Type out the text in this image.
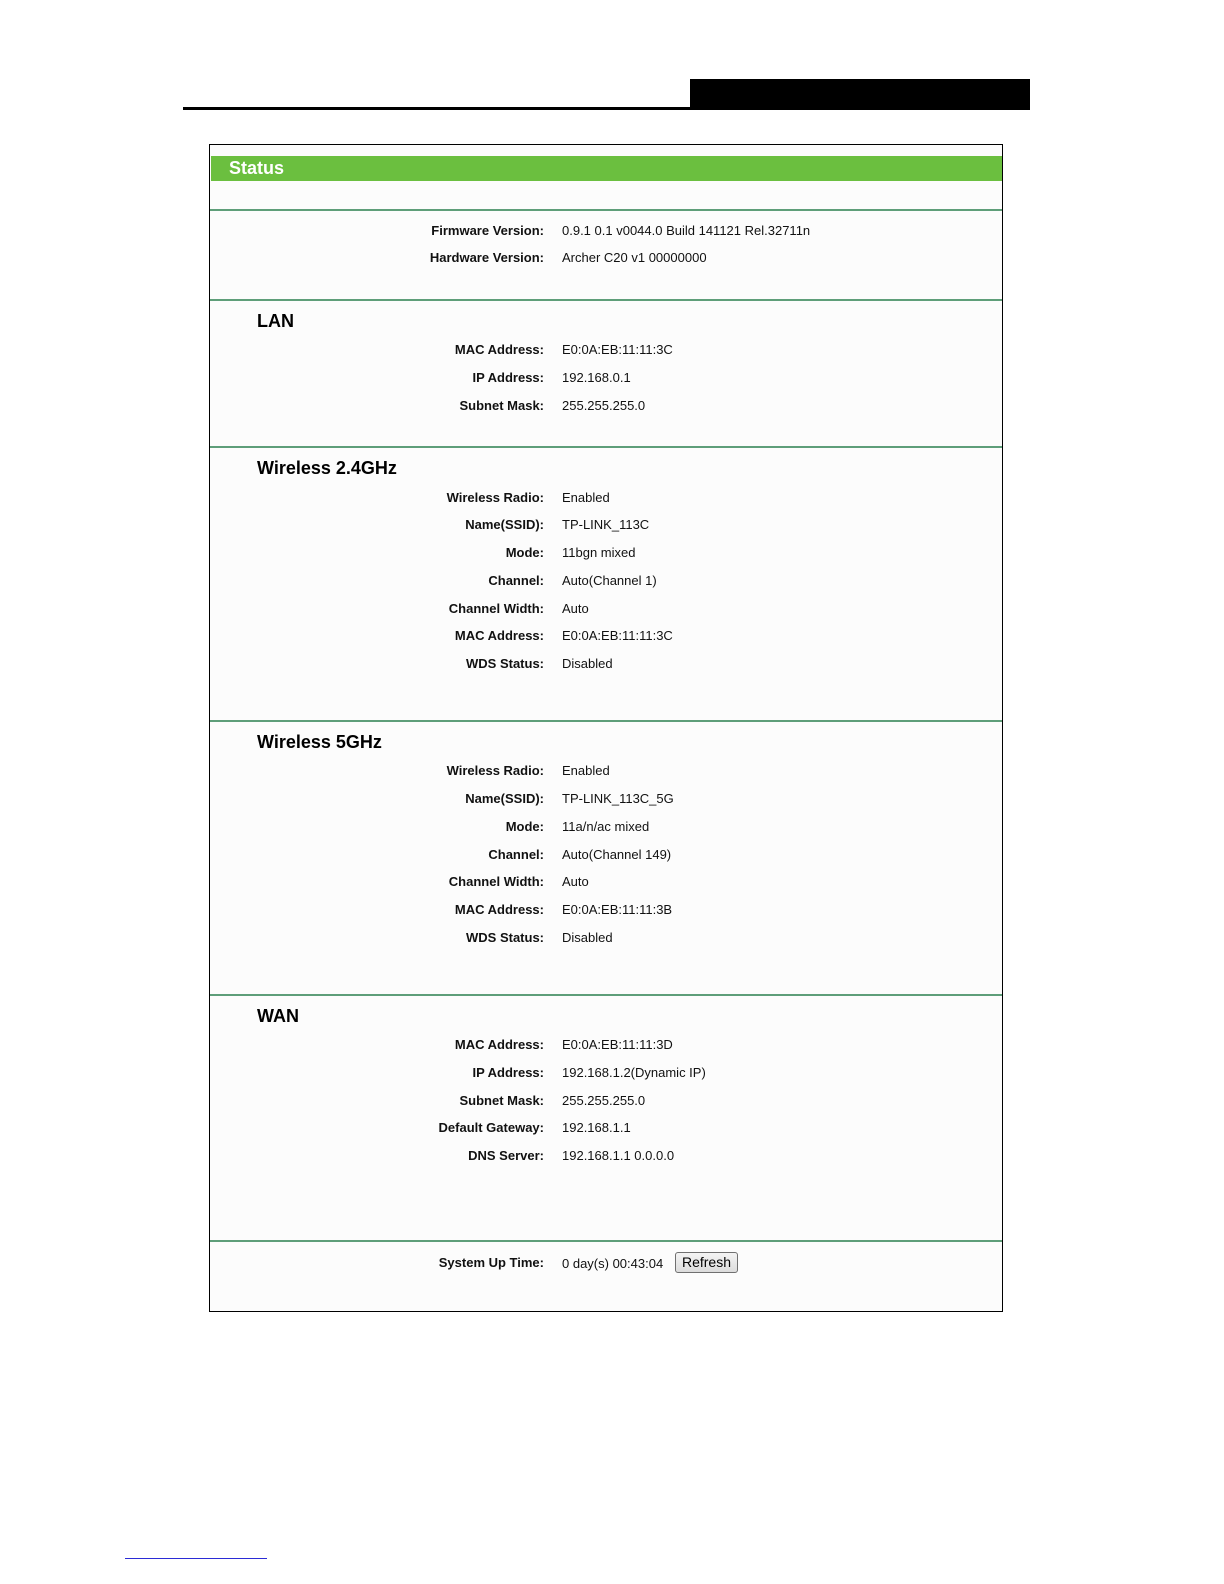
Status
Firmware Version: 0.9.1 0.1 v0044.0 Build 141121 Rel.32711n
Hardware Version: Archer C20 v1 00000000
LAN
MAC Address: E0:0A:EB:11:11:3C
IP Address: 192.168.0.1
Subnet Mask: 255.255.255.0
Wireless 2.4GHz
Wireless Radio: Enabled
Name(SSID): TP-LINK_113C
Mode: 11bgn mixed
Channel: Auto(Channel 1)
Channel Width: Auto
MAC Address: E0:0A:EB:11:11:3C
WDS Status: Disabled
Wireless 5GHz
Wireless Radio: Enabled
Name(SSID): TP-LINK_113C_5G
Mode: 11a/n/ac mixed
Channel: Auto(Channel 149)
Channel Width: Auto
MAC Address: E0:0A:EB:11:11:3B
WDS Status: Disabled
WAN
MAC Address: E0:0A:EB:11:11:3D
IP Address: 192.168.1.2(Dynamic IP)
Subnet Mask: 255.255.255.0
Default Gateway: 192.168.1.1
DNS Server: 192.168.1.1 0.0.0.0
System Up Time: 0 day(s) 00:43:04	Refresh
